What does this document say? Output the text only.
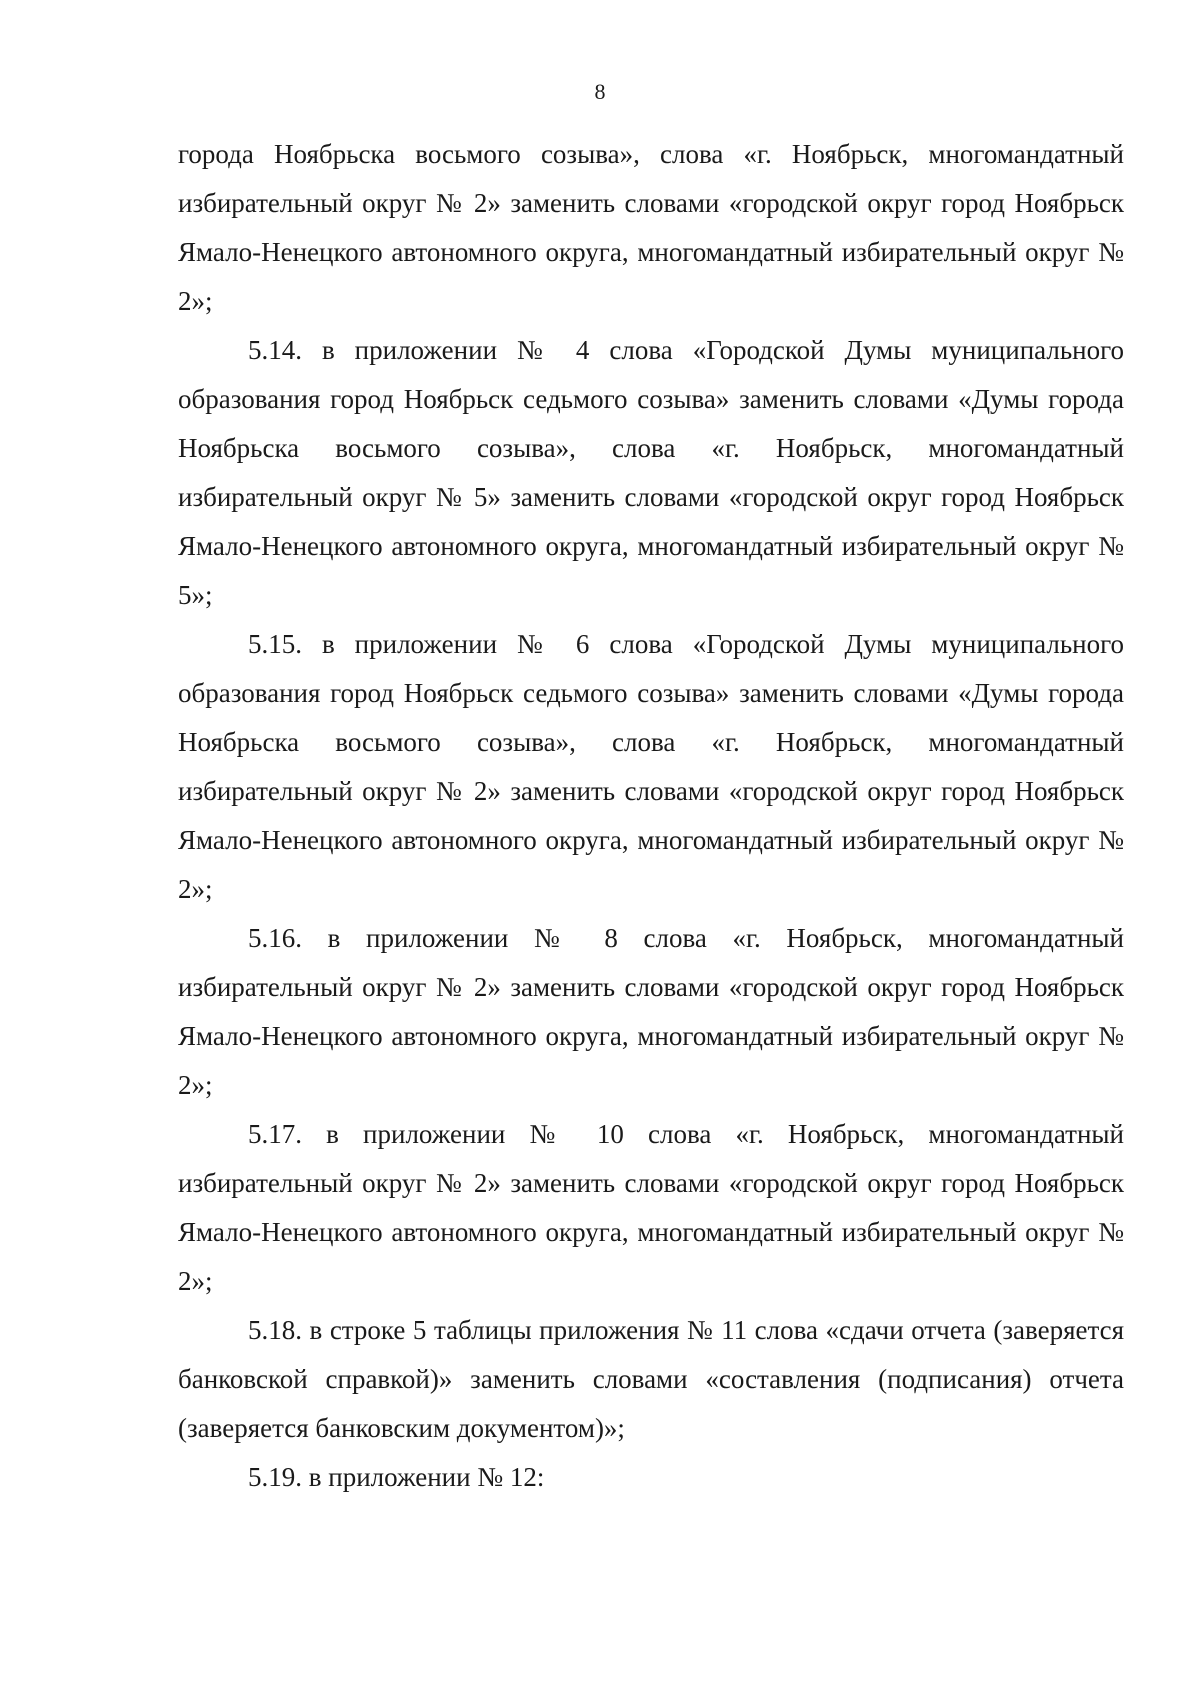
8

города Ноябрьска восьмого созыва», слова «г. Ноябрьск, многомандатный избирательный округ № 2» заменить словами «городской округ город Ноябрьск Ямало-Ненецкого автономного округа, многомандатный избирательный округ № 2»;

5.14. в приложении № 4 слова «Городской Думы муниципального образования город Ноябрьск седьмого созыва» заменить словами «Думы города Ноябрьска восьмого созыва», слова «г. Ноябрьск, многомандатный избирательный округ № 5» заменить словами «городской округ город Ноябрьск Ямало-Ненецкого автономного округа, многомандатный избирательный округ № 5»;

5.15. в приложении № 6 слова «Городской Думы муниципального образования город Ноябрьск седьмого созыва» заменить словами «Думы города Ноябрьска восьмого созыва», слова «г. Ноябрьск, многомандатный избирательный округ № 2» заменить словами «городской округ город Ноябрьск Ямало-Ненецкого автономного округа, многомандатный избирательный округ № 2»;

5.16. в приложении № 8 слова «г. Ноябрьск, многомандатный избирательный округ № 2» заменить словами «городской округ город Ноябрьск Ямало-Ненецкого автономного округа, многомандатный избирательный округ № 2»;

5.17. в приложении № 10 слова «г. Ноябрьск, многомандатный избирательный округ № 2» заменить словами «городской округ город Ноябрьск Ямало-Ненецкого автономного округа, многомандатный избирательный округ № 2»;

5.18. в строке 5 таблицы приложения № 11 слова «сдачи отчета (заверяется банковской справкой)» заменить словами «составления (подписания) отчета (заверяется банковским документом)»;

5.19. в приложении № 12:
